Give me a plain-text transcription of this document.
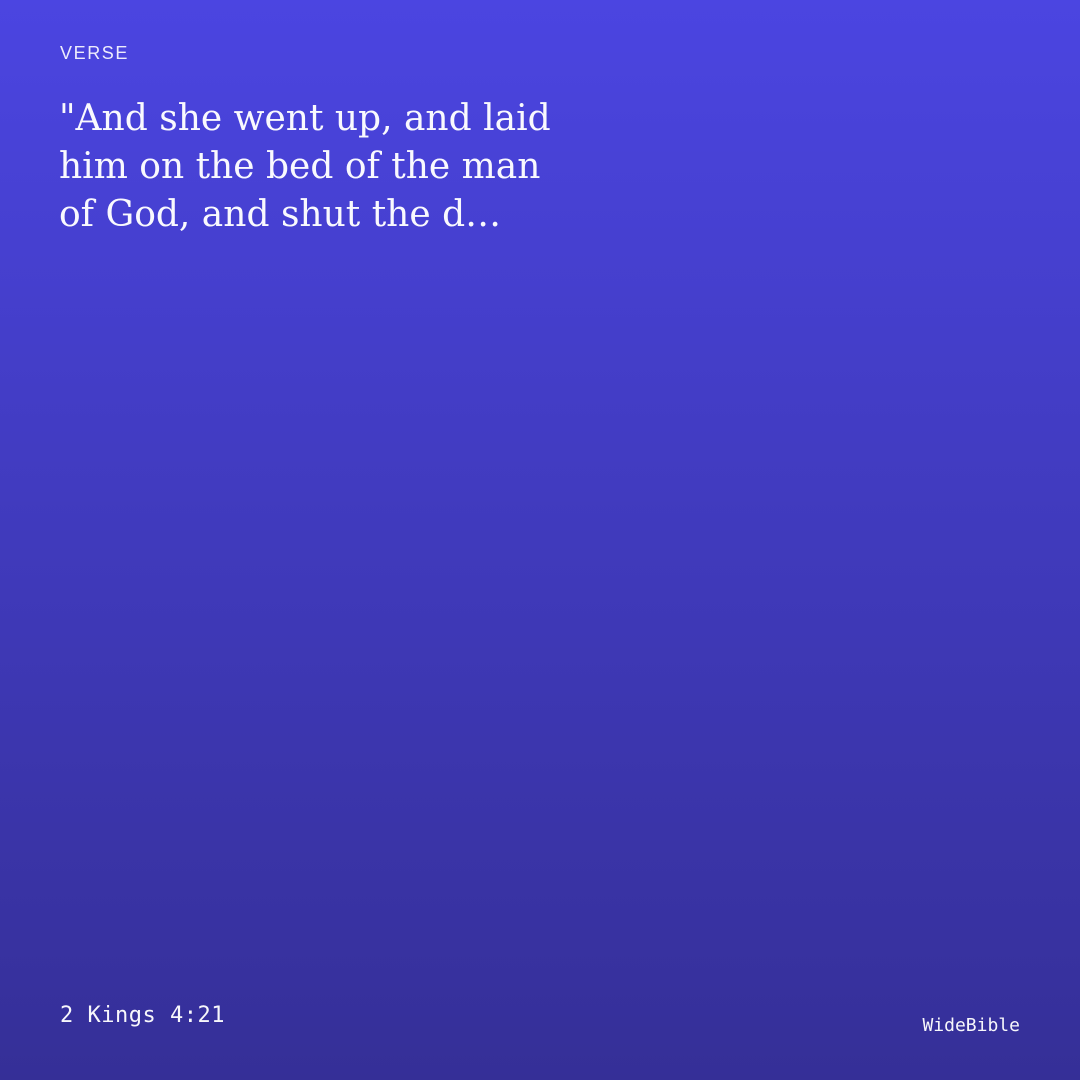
VERSE
"And she went up, and laid
him on the bed of the man
of God, and shut the d…
2 Kings 4:21	WideBible
